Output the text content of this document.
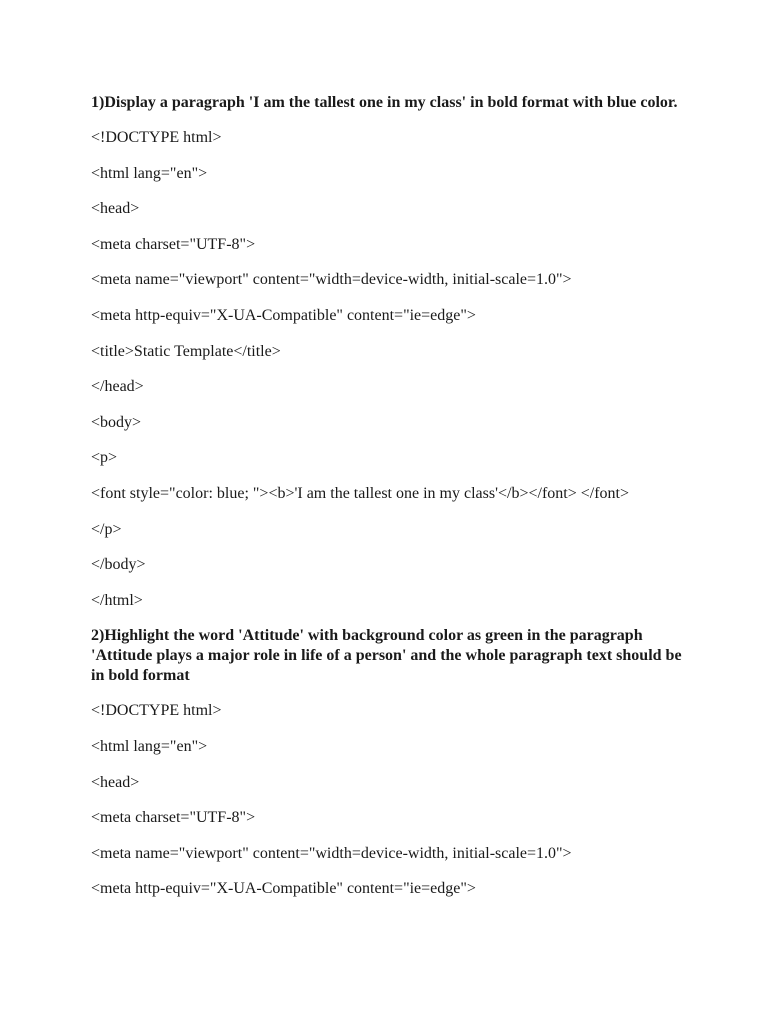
1)Display a paragraph 'I am the tallest one in my class' in bold format with blue color.
<!DOCTYPE html>
<html lang="en">
<head>
<meta charset="UTF-8">
<meta name="viewport" content="width=device-width, initial-scale=1.0">
<meta http-equiv="X-UA-Compatible" content="ie=edge">
<title>Static Template</title>
</head>
<body>
<p>
<font style="color: blue; "><b>'I am the tallest one in my class'</b></font> </font>
</p>
</body>
</html>
2)Highlight the word 'Attitude' with background color as green in the paragraph 'Attitude plays a major role in life of a person' and the whole paragraph text should be in bold format
<!DOCTYPE html>
<html lang="en">
<head>
<meta charset="UTF-8">
<meta name="viewport" content="width=device-width, initial-scale=1.0">
<meta http-equiv="X-UA-Compatible" content="ie=edge">
